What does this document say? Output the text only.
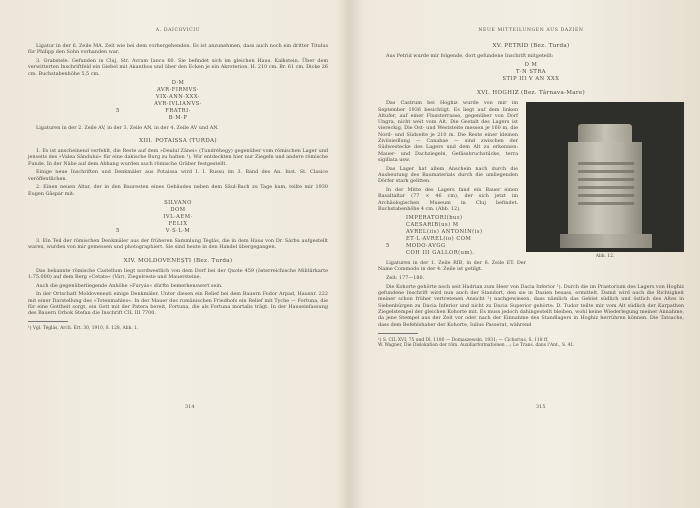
A. DAICOVICIU

Ligatur in der 6. Zeile MA. Zeit wie bei dem vorhergehenden. Es ist anzunehmen, dass auch noch ein dritter Titulus für Philipp den Sohn vorhanden war.

3. Grabstele. Gefunden in Cluj, Str. Avram Iancu 60. Sie befindet sich im gleichen Haus. Kalkstein. Über dem verwitterten Inschriftfeld ein Giebel mit Akanthos und über den Ecken je ein Akroterion. H. 210 cm. Br. 61 cm. Dicke 26 cm. Buchstabenhöhe 5,5 cm.

D·M
AVR·FIRMVS·
VIX·ANN·XXX·
AVR·IVLIANVS·
5	FRATRI·
B·M·P

Ligaturen in der 2. Zeile AV, in der 3. Zeile AN, in der 4. Zeile AV und AN.

XIII. POTAISSA (TURDA)

1. Es ist anscheinend verfehlt, die Reste auf dem »Dealul Zânei« (Tundréhegy) gegenüber vom römischen Lager und jenseits des »Valea Sândului« für eine dakische Burg zu halten ¹). Wir entdeckten hier nur Ziegeln und andere römische Funde. In der Nähe auf dem Abhang wurden auch römische Gräber festgestellt.

Einige neue Inschriften und Denkmäler aus Potaissa wird I. I. Russu im 3. Band des An. Inst. St. Clasice veröffentlichen.

2. Einen neuen Altar, der in den Bauresten eines Gebäudes neben dem Sâul-Bach zu Tage kam, teilte mir 1930 Eugen Gâspár mit:

SILVANO
DOM
IVL·AEM·
FELIX
5	V·S·L·M

3. Ein Teil der römischen Denkmäler aus der früheren Sammlung Téglás, die in dem Haus von Dr. Sárbu aufgestellt waren, wurden von mir gemessen und photographiert. Sie sind heute in den Handel übergegangen.

XIV. MOLDOVENEȘTI (Bez. Turda)

Das bekannte römische Castellum liegt nordwestlich von dem Dorf bei der Quote 459 (österreichische Militärkarte 1:75.000) auf dem Berg »Cetate« (Vár). Ziegelreste und Mauersteine.

Auch die gegenüberliegende Anhöhe »Furyás« dürfte bemerkenswert sein.

In der Ortschaft Moldovenești einige Denkmäler. Unter diesen ein Relief bei dem Bauern Fodor Arpad, Hausnr. 222 mit einer Darstellung des »Totenmahles«. In der Mauer des rumänischen Friedhofs ein Relief mit Tyche — Fortuna, die für eine Gottheit sorgt, ein Gott mit der Patera bereit, Fortuna, die als Fortuna mortalis trägt. In der Hauseinfassung des Bauern Orbok Stefan die Inschrift CIL III 7700.

¹) Vgl. Téglás, Arch. Ért. 30, 1910, S. 128, Abb. 1.
314
NEUE MITTEILUNGEN AUS DAZIEN
XV. PETRID (Bez. Turda)

Aus Petrid wurde mir folgende, dort gefundene Inschrift mitgeteilt:

D M
T·N STRA
STIP III V AN XXX
XVI. HOGHIZ (Bez. Târnava-Mare)
Abb. 12.

Das Castrum bei Hoghiz wurde von mir im September 1936 besichtigt. Es liegt auf dem linken Altufer, auf einer Flussterrasse, gegenüber von Dorf Ungra, nicht weit vom Alt. Die Gestalt des Lagers ist viereckig. Die Ost- und Weststeite messen je 160 m, die Nord- und Südseite je 210 m. Die Reste einer kleinen Zivilsiedlung — Canabae — sind zwischen der Südwestecke des Lagers und dem Alt zu erkennen: Mauer- und Dachziegeln, Gefässbruchstücke, terra sigillata usw.

Das Lager hat allem Anschein nach durch die Ausbeutung des Baumaterials durch die umliegenden Dörfer stark gelitten.

In der Mitte des Lagers fand ein Bauer einen Basaltaltar (77 × 46 cm), der sich jetzt im Archäologischen Museum in Cluj befindet. Buchstabenhöhe 4 cm. (Abb. 12).

IMPERATORI(bus)
CAESARIB(us) M
AVREL(iis) ANTONIN(is)
ET·L·AVREL(io) COM
5	MODO·AVGG
COH III GALLOR(um).

Ligaturen in der 1. Zeile RIB, in der 6. Zeile ET. Der Name Commodo in der 4. Zeile ist getilgt.

Zeit: 177—180.

Die Kohorte gehörte noch seit Hadrian zum Heer von Dacia Inferior ¹). Durch die im Praetorium des Lagers von Hoghiz gefundene Inschrift wird nun auch der Standort, den sie in Dazien besass, ermittelt. Damit wird auch die Richtigkeit meiner schon früher vertretenen Ansicht ²) nachgewiesen, dass nämlich das Gebiet südlich und östlich des Altes in Siebenbürgen zu Dacia Inferior und nicht zu Dacia Superior gehörte. D. Tudor teilte mir vom Alt südlich der Karpathen Ziegelstempel der gleichen Kohorte mit. Es muss jedoch dahingestellt bleiben, wohl keine Wiederlegung meiner Annahme, da jene Stempel aus der Zeit vor oder nach der Einnahme des Standlagers in Hoghiz herrühren können. Die Tatsache, dass dem Befehlshaber der Kohorte, Iulius Passerat, während

¹) S. CIL XVI, 75 und Dl. 1180 — Domaszewski, 1931; — Cichorius, S. 118 ff.
W. Wagner, Die Dislokation der röm. Auxiliarformationen ...; Le Trans. dans l'Ant., S. 41.
315
